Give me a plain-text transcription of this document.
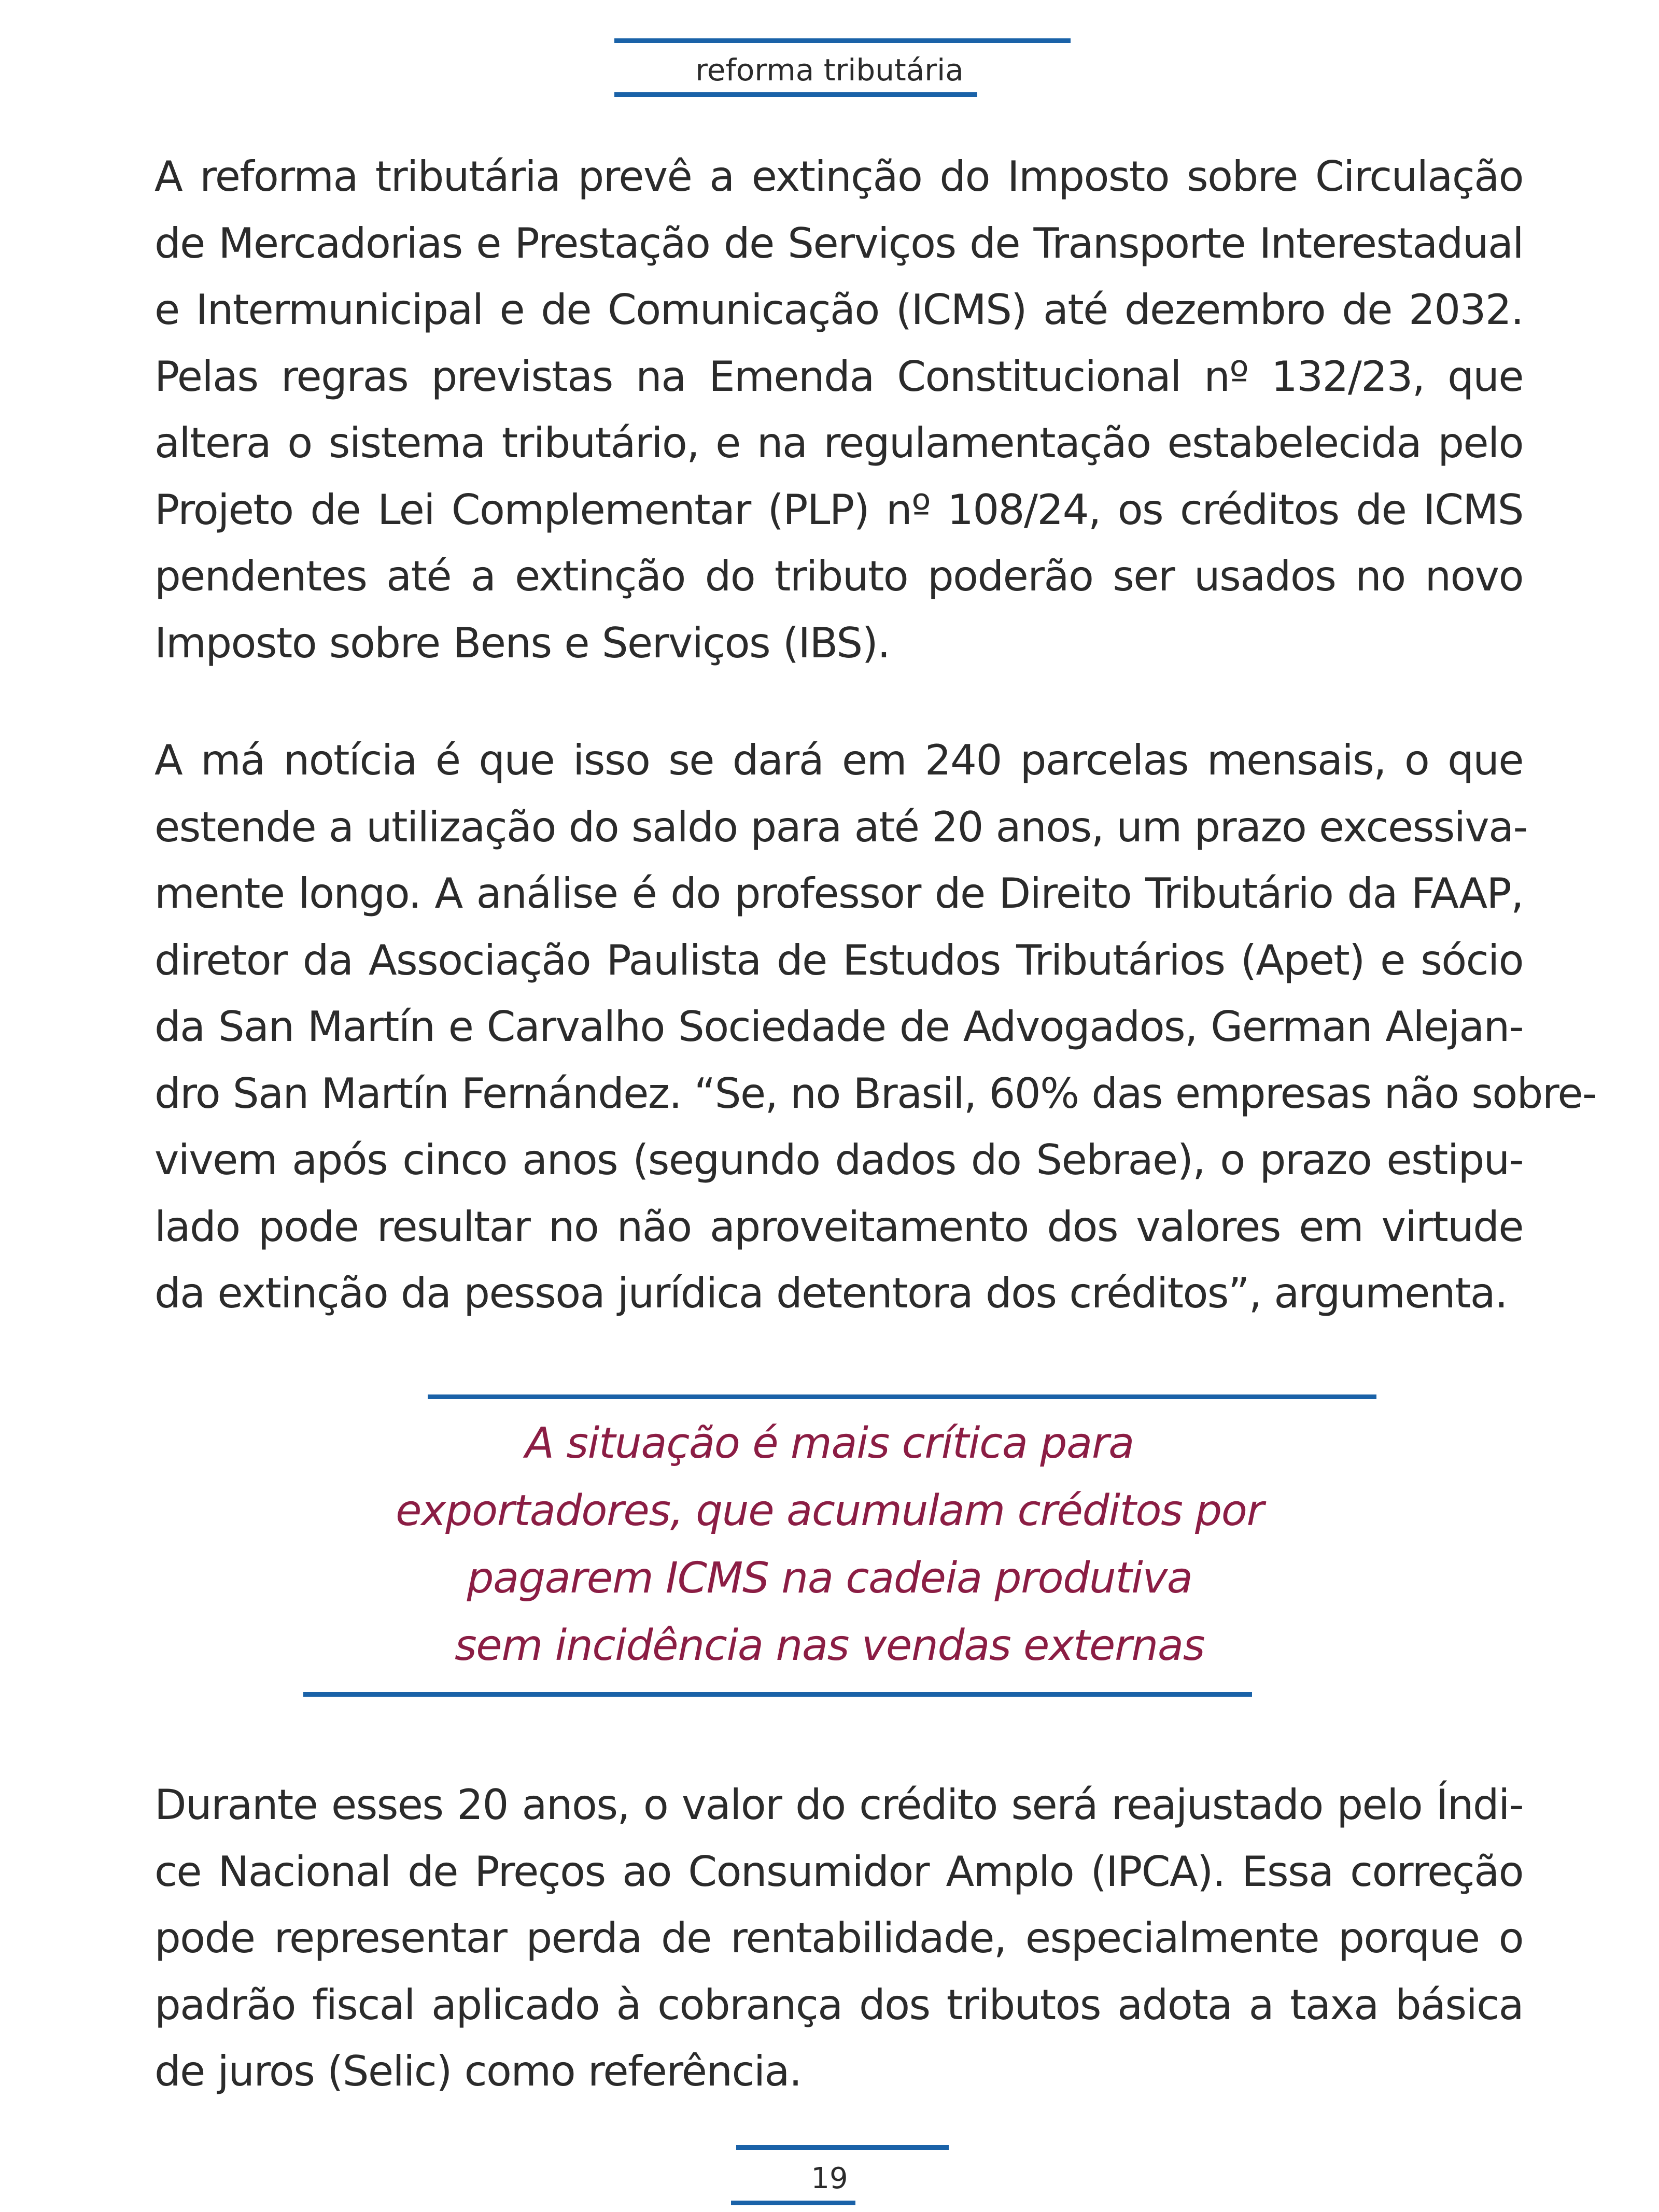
reforma tributária
A reforma tributária prevê a extinção do Imposto sobre Circulação
de Mercadorias e Prestação de Serviços de Transporte Interestadual
e Intermunicipal e de Comunicação (ICMS) até dezembro de 2032.
Pelas regras previstas na Emenda Constitucional nº 132/23, que
altera o sistema tributário, e na regulamentação estabelecida pelo
Projeto de Lei Complementar (PLP) nº 108/24, os créditos de ICMS
pendentes até a extinção do tributo poderão ser usados no novo
Imposto sobre Bens e Serviços (IBS).
A má notícia é que isso se dará em 240 parcelas mensais, o que
estende a utilização do saldo para até 20 anos, um prazo excessiva-
mente longo. A análise é do professor de Direito Tributário da FAAP,
diretor da Associação Paulista de Estudos Tributários (Apet) e sócio
da San Martín e Carvalho Sociedade de Advogados, German Alejan-
dro San Martín Fernández. “Se, no Brasil, 60% das empresas não sobre-
vivem após cinco anos (segundo dados do Sebrae), o prazo estipu-
lado pode resultar no não aproveitamento dos valores em virtude
da extinção da pessoa jurídica detentora dos créditos”, argumenta.
A situação é mais crítica para
exportadores, que acumulam créditos por
pagarem ICMS na cadeia produtiva
sem incidência nas vendas externas
Durante esses 20 anos, o valor do crédito será reajustado pelo Índi-
ce Nacional de Preços ao Consumidor Amplo (IPCA). Essa correção
pode representar perda de rentabilidade, especialmente porque o
padrão fiscal aplicado à cobrança dos tributos adota a taxa básica
de juros (Selic) como referência.
19
